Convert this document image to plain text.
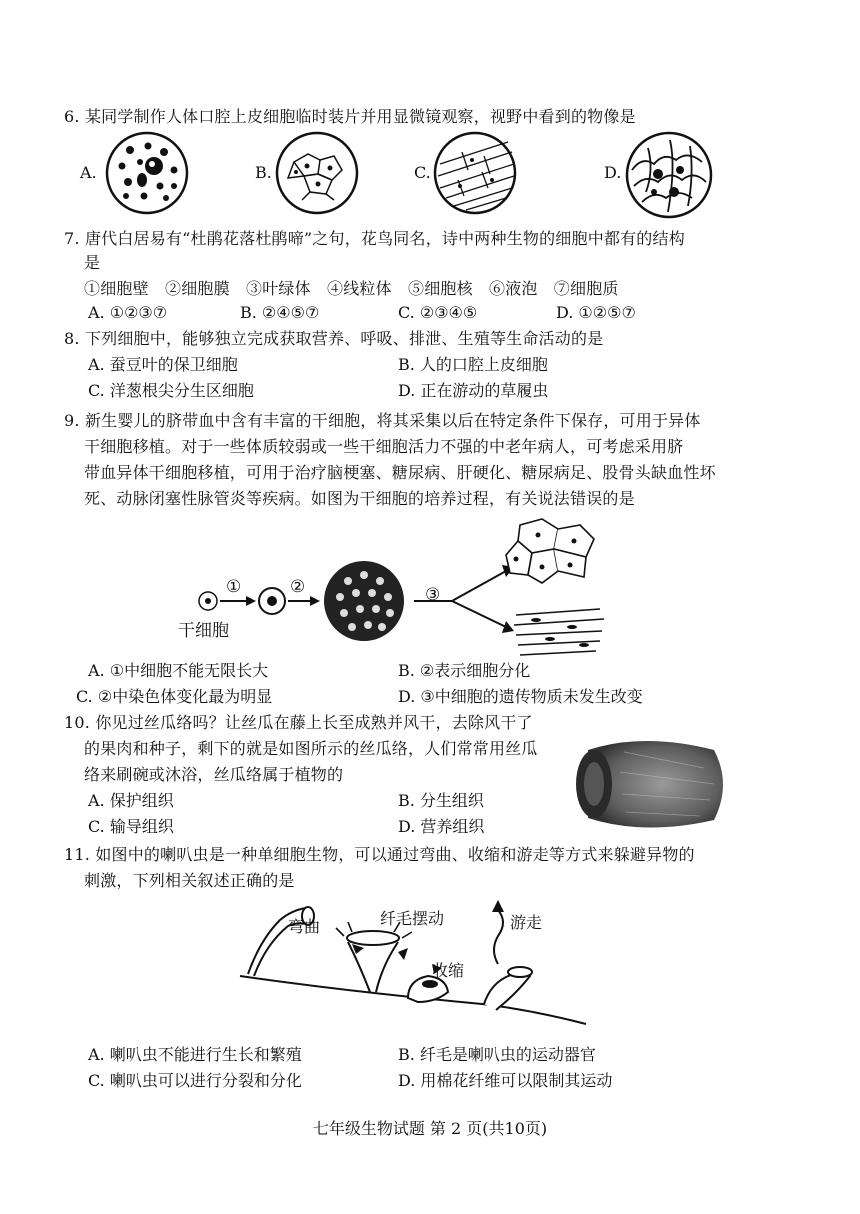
6. 某同学制作人体口腔上皮细胞临时装片并用显微镜观察，视野中看到的物像是
A.	B.	C.	D.
7. 唐代白居易有“杜鹃花落杜鹃啼”之句，花鸟同名，诗中两种生物的细胞中都有的结构
是
①细胞壁　②细胞膜　③叶绿体　④线粒体　⑤细胞核　⑥液泡　⑦细胞质
A. ①②③⑦	B. ②④⑤⑦	C. ②③④⑤	D. ①②⑤⑦
8. 下列细胞中，能够独立完成获取营养、呼吸、排泄、生殖等生命活动的是
A. 蚕豆叶的保卫细胞	B. 人的口腔上皮细胞
C. 洋葱根尖分生区细胞	D. 正在游动的草履虫
9. 新生婴儿的脐带血中含有丰富的干细胞，将其采集以后在特定条件下保存，可用于异体
干细胞移植。对于一些体质较弱或一些干细胞活力不强的中老年病人，可考虑采用脐
带血异体干细胞移植，可用于治疗脑梗塞、糖尿病、肝硬化、糖尿病足、股骨头缺血性坏
死、动脉闭塞性脉管炎等疾病。如图为干细胞的培养过程，有关说法错误的是
①	②	③
干细胞
A. ①中细胞不能无限长大	B. ②表示细胞分化
C. ②中染色体变化最为明显	D. ③中细胞的遗传物质未发生改变
10. 你见过丝瓜络吗？让丝瓜在藤上长至成熟并风干，去除风干了
的果肉和种子，剩下的就是如图所示的丝瓜络，人们常常用丝瓜
络来刷碗或沐浴，丝瓜络属于植物的
A. 保护组织	B. 分生组织
C. 输导组织	D. 营养组织
11. 如图中的喇叭虫是一种单细胞生物，可以通过弯曲、收缩和游走等方式来躲避异物的
刺激，下列相关叙述正确的是
弯曲	纤毛摆动
收缩
游走
A. 喇叭虫不能进行生长和繁殖	B. 纤毛是喇叭虫的运动器官
C. 喇叭虫可以进行分裂和分化	D. 用棉花纤维可以限制其运动
七年级生物试题 第 2 页(共10页)
